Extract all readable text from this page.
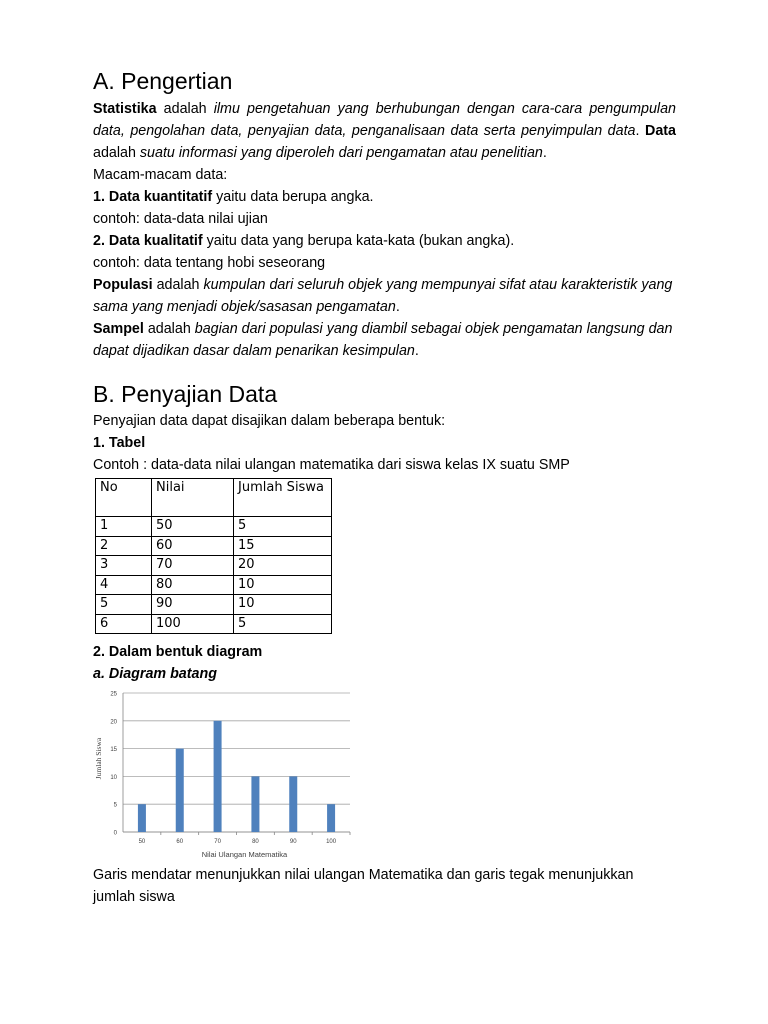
A. Pengertian

Statistika adalah ilmu pengetahuan yang berhubungan dengan cara-cara pengumpulan data, pengolahan data, penyajian data, penganalisaan data serta penyimpulan data. Data adalah suatu informasi yang diperoleh dari pengamatan atau penelitian.

Macam-macam data:

1. Data kuantitatif yaitu data berupa angka.

contoh: data-data nilai ujian

2. Data kualitatif yaitu data yang berupa kata-kata (bukan angka).

contoh: data tentang hobi seseorang

Populasi adalah kumpulan dari seluruh objek yang mempunyai sifat atau karakteristik yang sama yang menjadi objek/sasasan pengamatan.

Sampel adalah bagian dari populasi yang diambil sebagai objek pengamatan langsung dan dapat dijadikan dasar dalam penarikan kesimpulan.

B. Penyajian Data

Penyajian data dapat disajikan dalam beberapa bentuk:

1. Tabel

Contoh : data-data nilai ulangan matematika dari siswa kelas IX suatu SMP

No	Nilai	Jumlah Siswa
1	50	5
2	60	15
3	70	20
4	80	10
5	90	10
6	100	5

2. Dalam bentuk diagram

a. Diagram batang

0
5
10
15
20
25
50	60	70	80	90	100
Nilai Ulangan Matematika
Jumlah Siswa

Garis mendatar menunjukkan nilai ulangan Matematika dan garis tegak menunjukkan jumlah siswa
